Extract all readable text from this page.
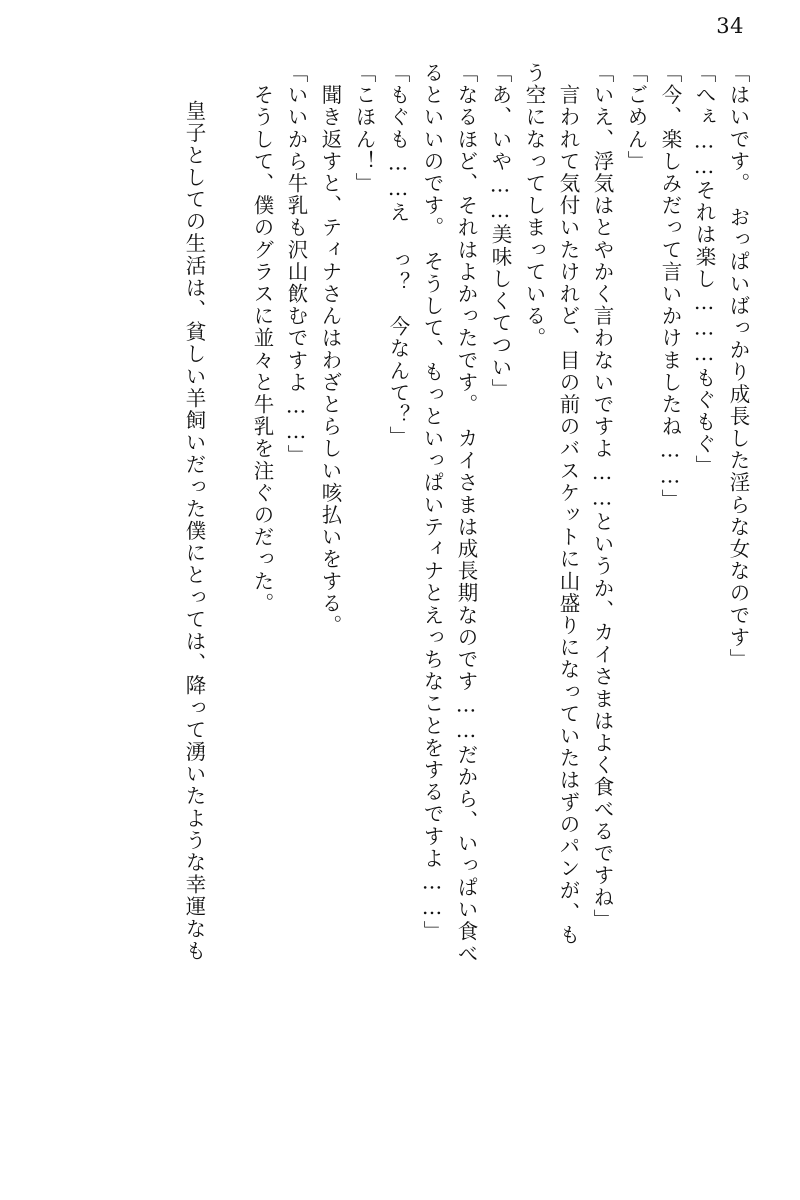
34
「はいです。　おっぱいばっかり成長した淫らな女なのです」
「へぇ……それは楽し………もぐもぐ」
「今、楽しみだって言いかけましたね……」
「ごめん」
「いえ、浮気はとやかく言わないですよ……というか、カイさまはよく食べるですね」
　言われて気付いたけれど、目の前のバスケットに山盛りになっていたはずのパンが、も
う空になってしまっている。
「あ、いや……美味しくてつい」
「なるほど、それはよかったです。　カイさまは成長期なのです……だから、いっぱい食べ
るといいのです。　そうして、もっといっぱいティナとえっちなことをするですよ……」
「もぐも……え っ？　今なんて？」
「こほん！」
　聞き返すと、ティナさんはわざとらしい咳払いをする。
「いいから牛乳も沢山飲むですよ……」
　そうして、僕のグラスに並々と牛乳を注ぐのだった。
　皇子としての生活は、貧しい羊飼いだった僕にとっては、降って湧いたような幸運なも
